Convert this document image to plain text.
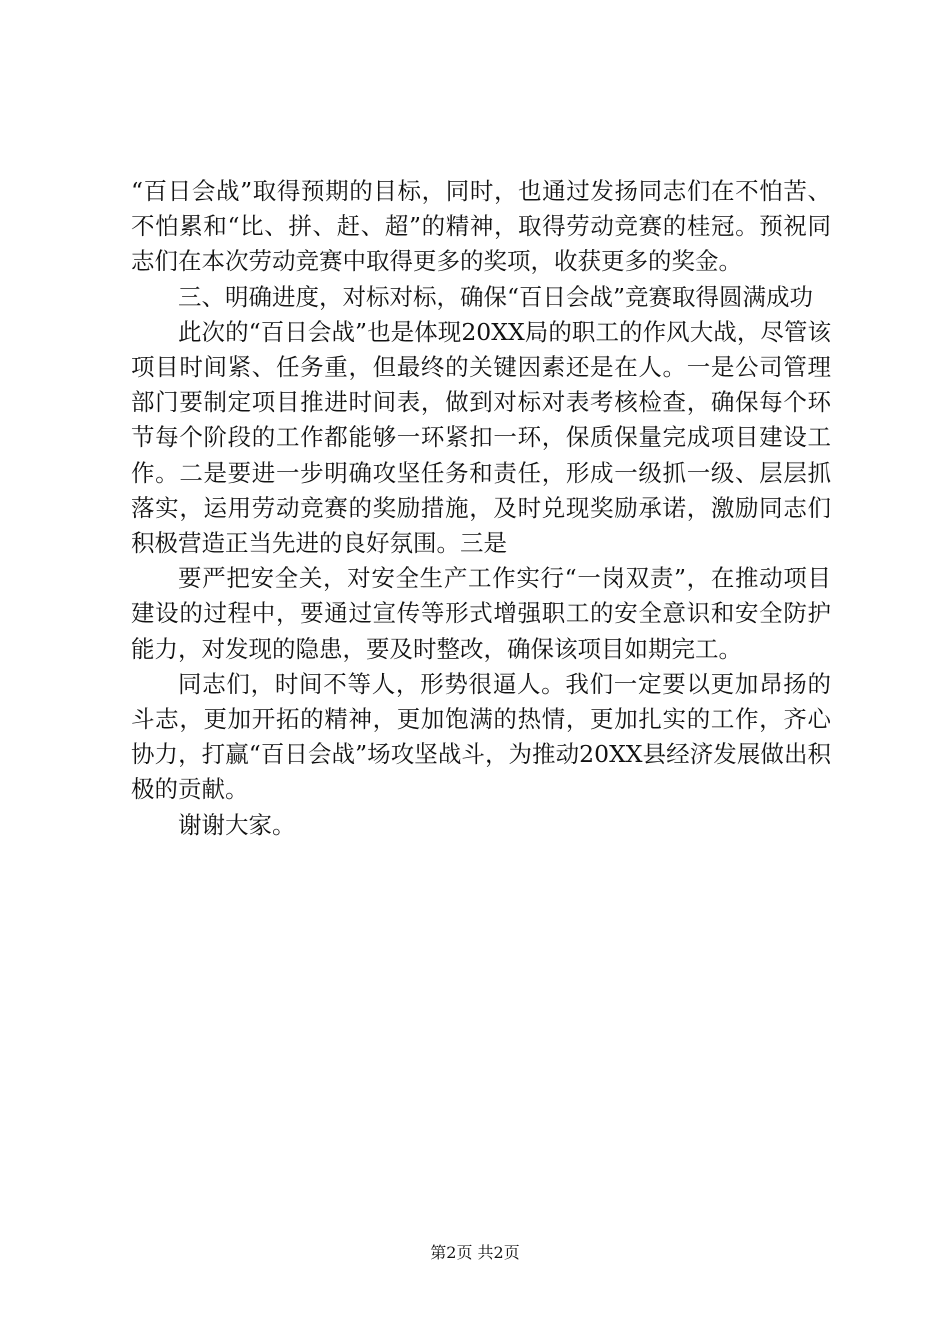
“百日会战”取得预期的目标，同时，也通过发扬同志们在不怕苦、不怕累和“比、拼、赶、超”的精神，取得劳动竞赛的桂冠。预祝同志们在本次劳动竞赛中取得更多的奖项，收获更多的奖金。

三、明确进度，对标对标，确保“百日会战”竞赛取得圆满成功

此次的“百日会战”也是体现20XX局的职工的作风大战，尽管该项目时间紧、任务重，但最终的关键因素还是在人。一是公司管理部门要制定项目推进时间表，做到对标对表考核检查，确保每个环节每个阶段的工作都能够一环紧扣一环，保质保量完成项目建设工作。二是要进一步明确攻坚任务和责任，形成一级抓一级、层层抓落实，运用劳动竞赛的奖励措施，及时兑现奖励承诺，激励同志们积极营造正当先进的良好氛围。三是

要严把安全关，对安全生产工作实行“一岗双责”，在推动项目建设的过程中，要通过宣传等形式增强职工的安全意识和安全防护能力，对发现的隐患，要及时整改，确保该项目如期完工。

同志们，时间不等人，形势很逼人。我们一定要以更加昂扬的斗志，更加开拓的精神，更加饱满的热情，更加扎实的工作，齐心协力，打赢“百日会战”场攻坚战斗，为推动20XX县经济发展做出积极的贡献。

谢谢大家。

第2页 共2页
